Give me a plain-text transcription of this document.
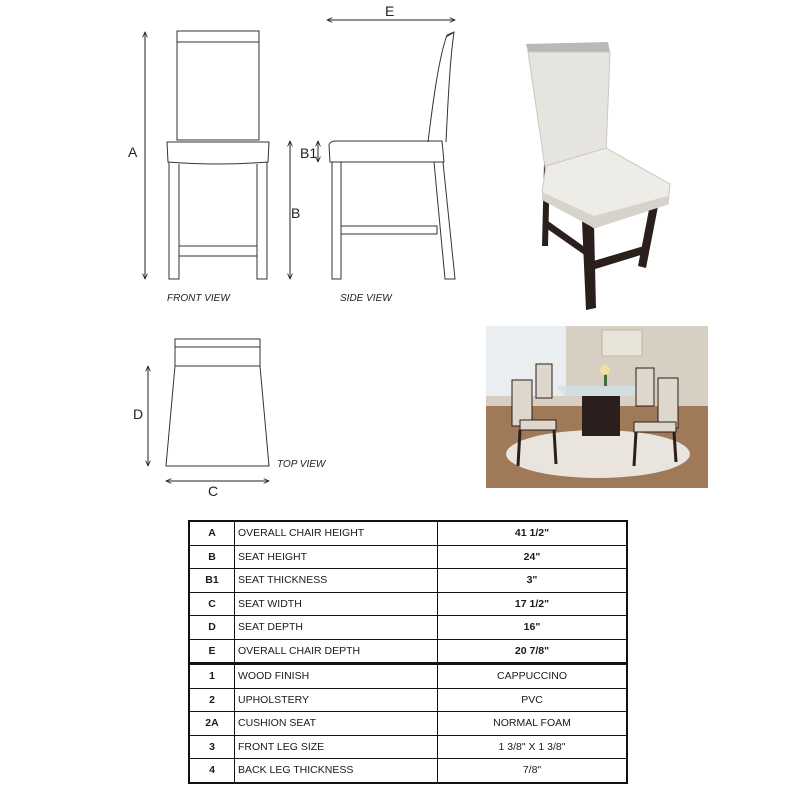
A
B
FRONT VIEW
E
B1
SIDE VIEW
D
C
TOP VIEW
A	OVERALL CHAIR HEIGHT	41 1/2"
B	SEAT HEIGHT	24"
B1	SEAT THICKNESS	3"
C	SEAT WIDTH	17 1/2"
D	SEAT DEPTH	16"
E	OVERALL CHAIR DEPTH	20 7/8"
1	WOOD FINISH	CAPPUCCINO
2	UPHOLSTERY	PVC
2A	CUSHION SEAT	NORMAL FOAM
3	FRONT LEG SIZE	1 3/8" X 1 3/8"
4	BACK LEG THICKNESS	7/8"
